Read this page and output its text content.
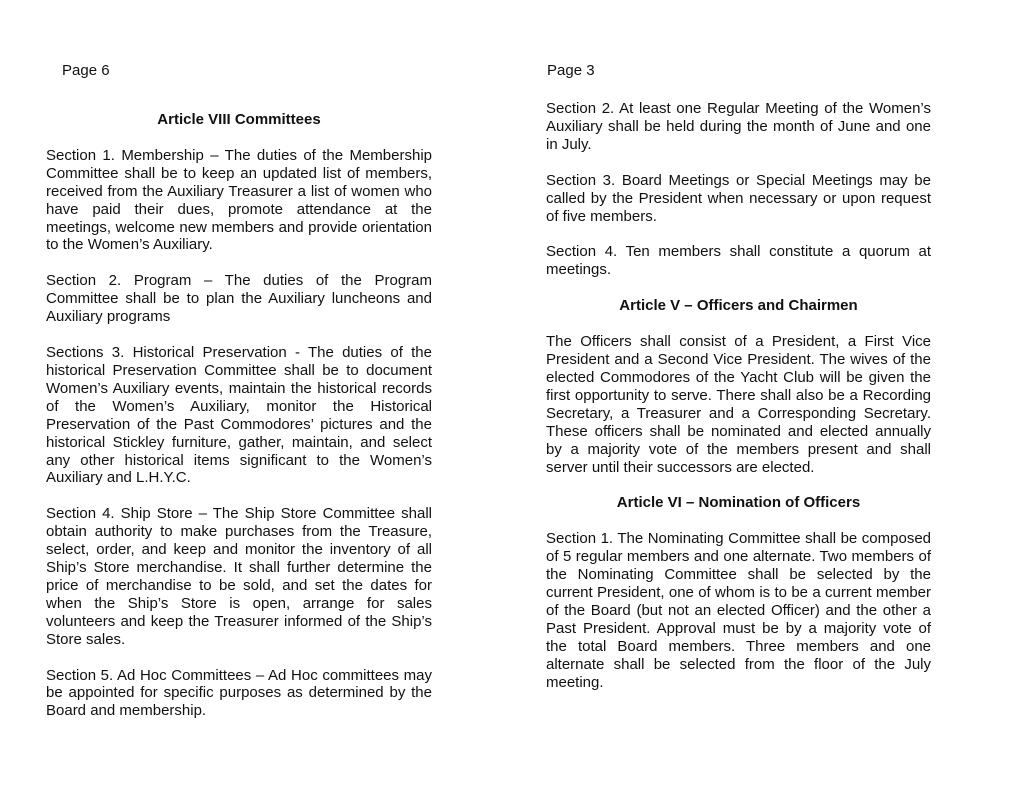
Page 6
Article VIII Committees

Section 1. Membership – The duties of the Membership Committee shall be to keep an updated list of members, received from the Auxiliary Treasurer a list of women who have paid their dues, promote attendance at the meetings, welcome new members and provide orientation to the Women’s Auxiliary.

Section 2. Program – The duties of the Program Committee shall be to plan the Auxiliary luncheons and Auxiliary programs

Sections 3. Historical Preservation - The duties of the historical Preservation Committee shall be to document Women’s Auxiliary events, maintain the historical records of the Women’s Auxiliary, monitor the Historical Preservation of the Past Commodores’ pictures and the historical Stickley furniture, gather, maintain, and select any other historical items significant to the Women’s Auxiliary and L.H.Y.C.

Section 4. Ship Store – The Ship Store Committee shall obtain authority to make purchases from the Treasure, select, order, and keep and monitor the inventory of all Ship’s Store merchandise. It shall further determine the price of merchandise to be sold, and set the dates for when the Ship’s Store is open, arrange for sales volunteers and keep the Treasurer informed of the Ship’s Store sales.

Section 5. Ad Hoc Committees – Ad Hoc committees may be appointed for specific purposes as determined by the Board and membership.

Page 3

Section 2. At least one Regular Meeting of the Women’s Auxiliary shall be held during the month of June and one in July.

Section 3. Board Meetings or Special Meetings may be called by the President when necessary or upon request of five members.

Section 4. Ten members shall constitute a quorum at meetings.

Article V – Officers and Chairmen

The Officers shall consist of a President, a First Vice President and a Second Vice President. The wives of the elected Commodores of the Yacht Club will be given the first opportunity to serve. There shall also be a Recording Secretary, a Treasurer and a Corresponding Secretary. These officers shall be nominated and elected annually by a majority vote of the members present and shall server until their successors are elected.

Article VI – Nomination of Officers

Section 1. The Nominating Committee shall be composed of 5 regular members and one alternate. Two members of the Nominating Committee shall be selected by the current President, one of whom is to be a current member of the Board (but not an elected Officer) and the other a Past President. Approval must be by a majority vote of the total Board members. Three members and one alternate shall be selected from the floor of the July meeting.
